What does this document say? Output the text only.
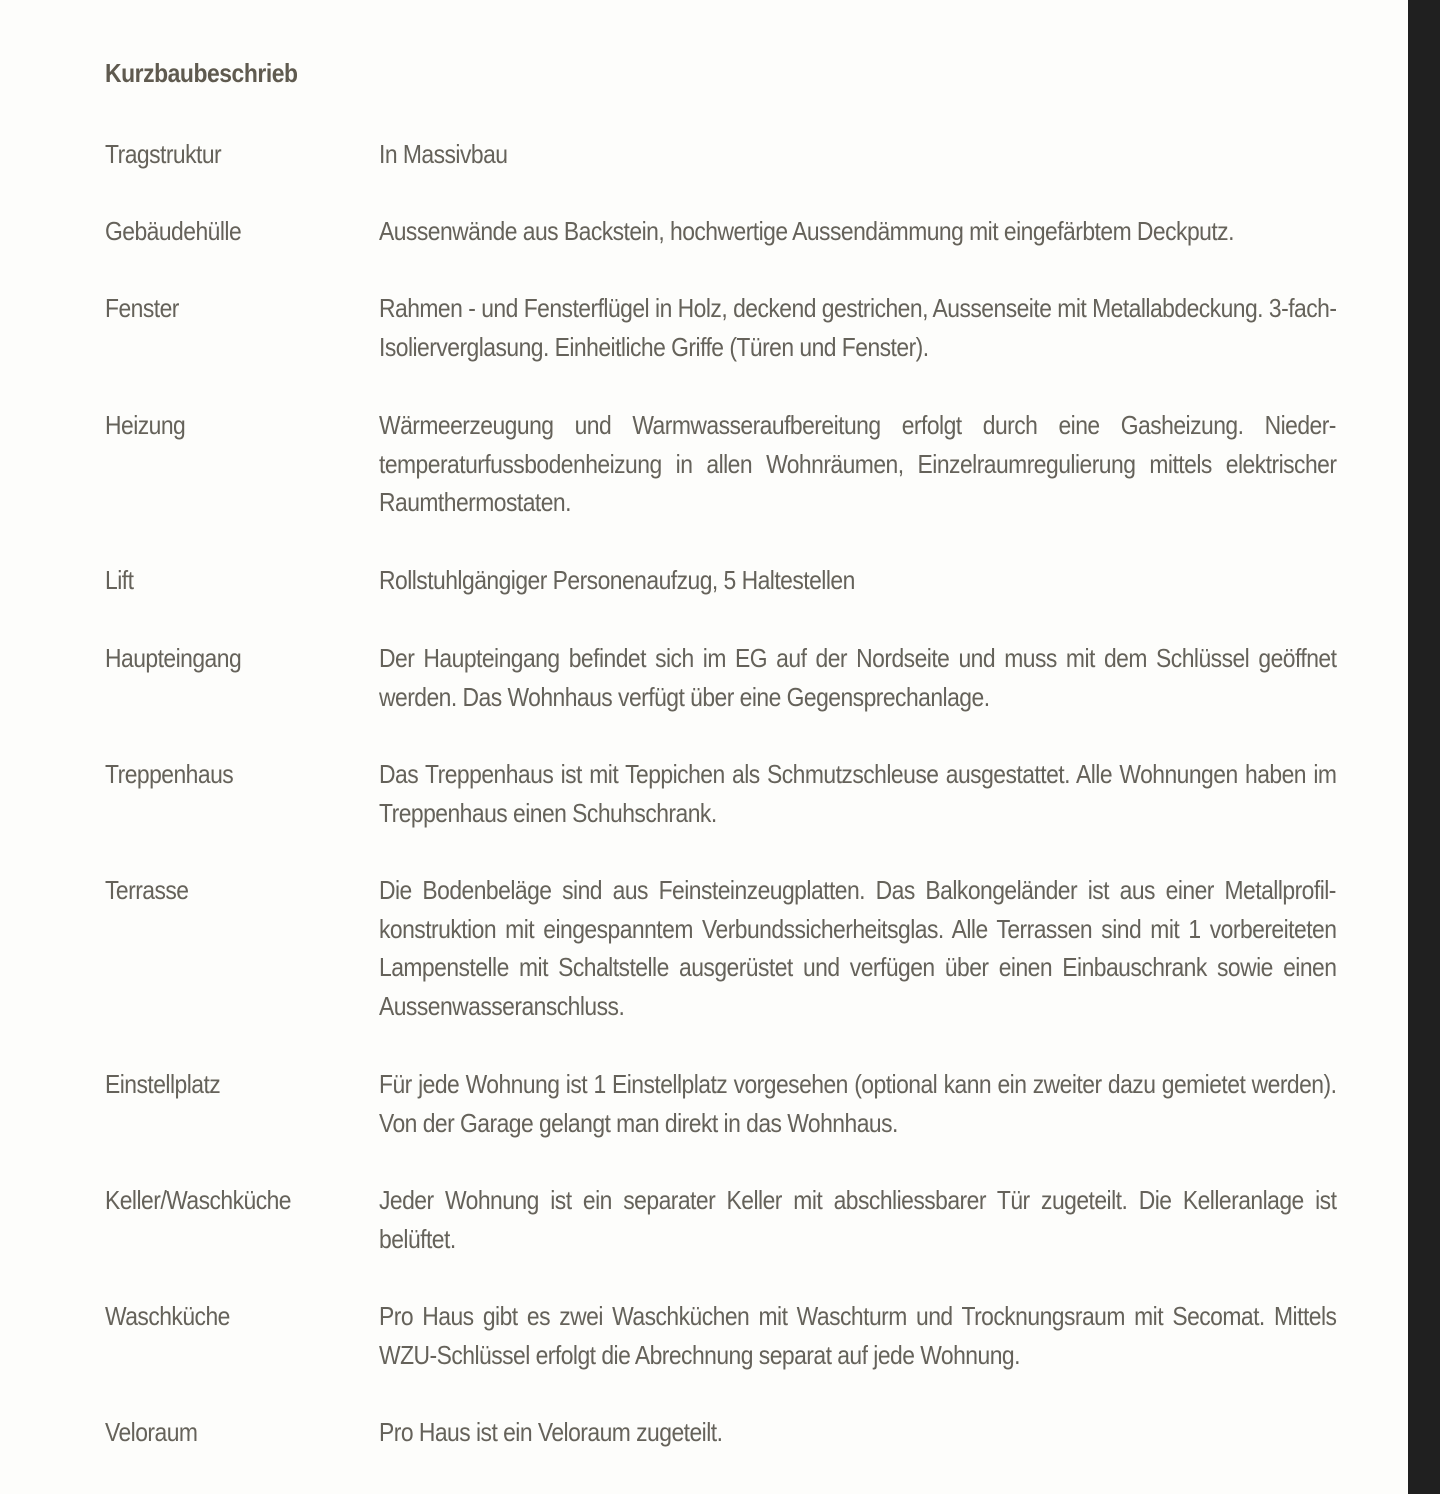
Kurzbaubeschrieb
Tragstruktur	In Massivbau
Gebäudehülle	Aussenwände aus Backstein, hochwertige Aussendämmung mit eingefärbtem Deckputz.
Fenster	Rahmen - und Fensterflügel in Holz, deckend gestrichen, Aussenseite mit Metallabdeckung. 3-fach-Isolierverglasung. Einheitliche Griffe (Türen und Fenster).
Heizung	Wärmeerzeugung und Warmwasseraufbereitung erfolgt durch eine Gasheizung. Niedertemperaturfussbodenheizung in allen Wohnräumen, Einzelraumregulierung mittels elektrischer Raumthermostaten.
Lift	Rollstuhlgängiger Personenaufzug, 5 Haltestellen
Haupteingang	Der Haupteingang befindet sich im EG auf der Nordseite und muss mit dem Schlüssel geöffnet werden. Das Wohnhaus verfügt über eine Gegensprechanlage.
Treppenhaus	Das Treppenhaus ist mit Teppichen als Schmutzschleuse ausgestattet. Alle Wohnungen haben im Treppenhaus einen Schuhschrank.
Terrasse	Die Bodenbeläge sind aus Feinsteinzeugplatten. Das Balkongeländer ist aus einer Metallprofilkonstruktion mit eingespanntem Verbundssicherheitsglas. Alle Terrassen sind mit 1 vorbereiteten Lampenstelle mit Schaltstelle ausgerüstet und verfügen über einen Einbauschrank sowie einen Aussenwasseranschluss.
Einstellplatz	Für jede Wohnung ist 1 Einstellplatz vorgesehen (optional kann ein zweiter dazu gemietet werden). Von der Garage gelangt man direkt in das Wohnhaus.
Keller/Waschküche	Jeder Wohnung ist ein separater Keller mit abschliessbarer Tür zugeteilt. Die Kelleranlage ist belüftet.
Waschküche	Pro Haus gibt es zwei Waschküchen mit Waschturm und Trocknungsraum mit Secomat. Mittels WZU-Schlüssel erfolgt die Abrechnung separat auf jede Wohnung.
Veloraum	Pro Haus ist ein Veloraum zugeteilt.
